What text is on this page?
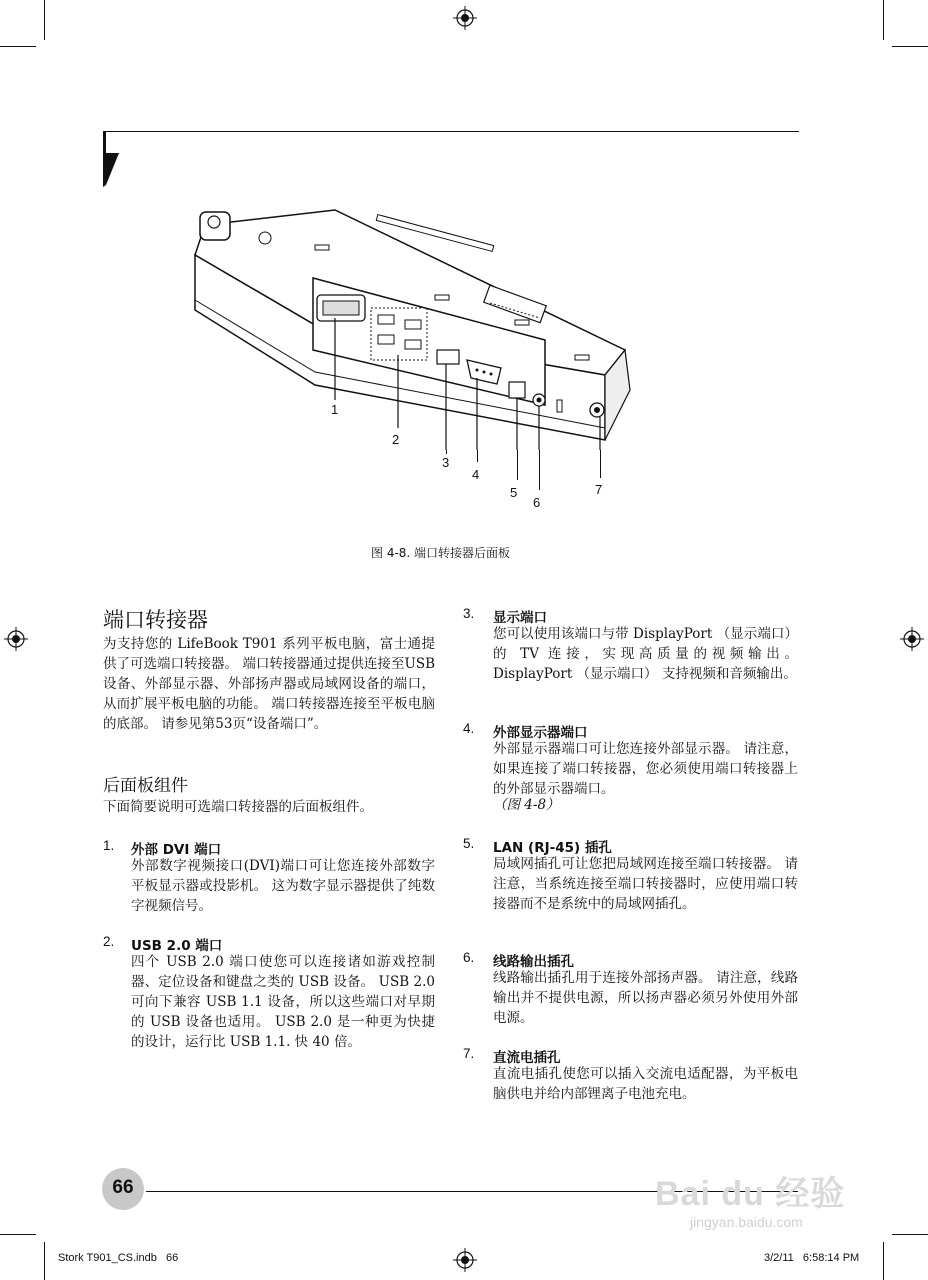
1
2
3
4
5
6
7
图 4-8. 端口转接器后面板
端口转接器
为支持您的 LifeBook T901 系列平板电脑，富士通提供了可选端口转接器。 端口转接器通过提供连接至USB设备、外部显示器、外部扬声器或局域网设备的端口，从而扩展平板电脑的功能。 端口转接器连接至平板电脑的底部。 请参见第53页“设备端口”。
后面板组件
下面简要说明可选端口转接器的后面板组件。
1. 外部 DVI 端口
外部数字视频接口(DVI)端口可让您连接外部数字平板显示器或投影机。 这为数字显示器提供了纯数字视频信号。
2. USB 2.0 端口
四个 USB 2.0 端口使您可以连接诸如游戏控制器、定位设备和键盘之类的 USB 设备。 USB 2.0 可向下兼容 USB 1.1 设备，所以这些端口对早期的 USB 设备也适用。 USB 2.0 是一种更为快捷的设计，运行比 USB 1.1. 快 40 倍。
3. 显示端口
您可以使用该端口与带 DisplayPort （显示端口）的 TV 连接，实现高质量的视频输出。DisplayPort （显示端口） 支持视频和音频输出。
4. 外部显示器端口
外部显示器端口可让您连接外部显示器。 请注意，如果连接了端口转接器，您必须使用端口转接器上的外部显示器端口。
（图 4-8）
5. LAN (RJ-45) 插孔
局域网插孔可让您把局域网连接至端口转接器。 请注意，当系统连接至端口转接器时，应使用端口转接器而不是系统中的局域网插孔。
6. 线路输出插孔
线路输出插孔用于连接外部扬声器。 请注意，线路输出并不提供电源，所以扬声器必须另外使用外部电源。
7. 直流电插孔
直流电插孔使您可以插入交流电适配器，为平板电脑供电并给内部锂离子电池充电。
66	Bai du 经验
jingyan.baidu.com
Stork T901_CS.indb   66	3/2/11   6:58:14 PM
